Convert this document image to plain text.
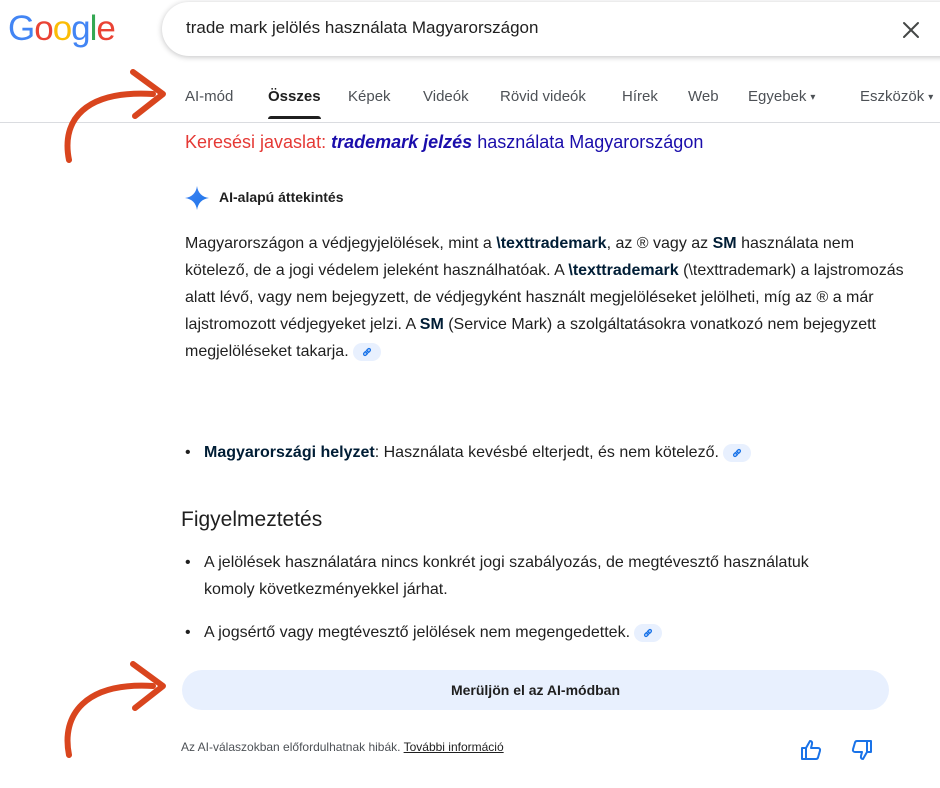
Google	trade mark jelölés használata Magyarországon
AI-mód Összes Képek Videók Rövid videók Hírek Web Egyebek ▾	Eszközök ▾
Keresési javaslat: trademark jelzés használata Magyarországon
AI-alapú áttekintés
Magyarországon a védjegyjelölések, mint a \texttrademark, az ® vagy az SM használata nem kötelező, de a jogi védelem jeleként használhatóak. A \texttrademark (\texttrademark) a lajstromozás alatt lévő, vagy nem bejegyzett, de védjegyként használt megjelöléseket jelölheti, míg az ® a már lajstromozott védjegyeket jelzi. A SM (Service Mark) a szolgáltatásokra vonatkozó nem bejegyzett megjelöléseket takarja.
• Magyarországi helyzet: Használata kevésbé elterjedt, és nem kötelező.
Figyelmeztetés
• A jelölések használatára nincs konkrét jogi szabályozás, de megtévesztő használatuk komoly következményekkel járhat.
• A jogsértő vagy megtévesztő jelölések nem megengedettek.
Merüljön el az AI-módban
Az AI-válaszokban előfordulhatnak hibák. További információ
